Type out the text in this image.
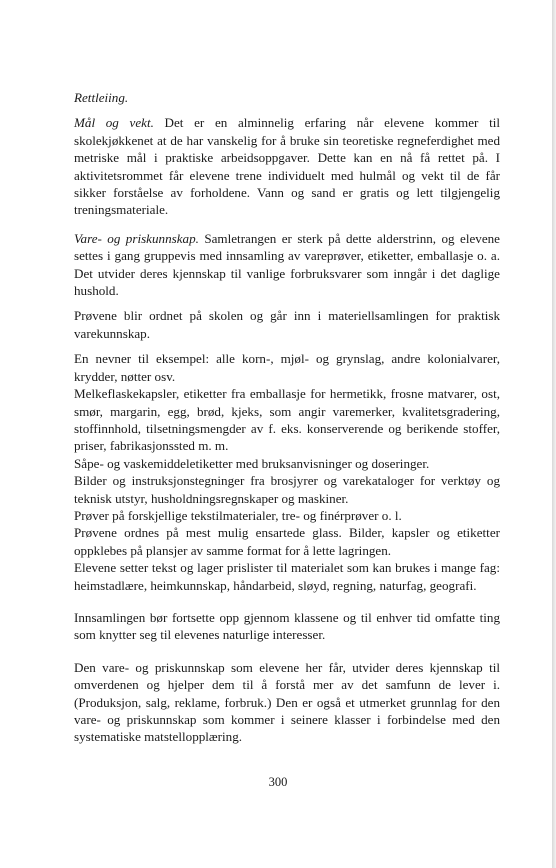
Rettleiing.

Mål og vekt. Det er en alminnelig erfaring når elevene kommer til skolekjøkkenet at de har vanskelig for å bruke sin teoretiske regneferdighet med metriske mål i praktiske arbeidsoppgaver. Dette kan en nå få rettet på. I aktivitetsrommet får elevene trene individuelt med hulmål og vekt til de får sikker forståelse av forholdene. Vann og sand er gratis og lett tilgjengelig treningsmateriale.

Vare- og priskunnskap. Samletrangen er sterk på dette alderstrinn, og elevene settes i gang gruppevis med innsamling av vareprøver, etiketter, emballasje o. a. Det utvider deres kjennskap til vanlige forbruksvarer som inngår i det daglige hushold.

Prøvene blir ordnet på skolen og går inn i materiellsamlingen for praktisk varekunnskap.

En nevner til eksempel: alle korn-, mjøl- og grynslag, andre kolonialvarer, krydder, nøtter osv.

Melkeflaskekapsler, etiketter fra emballasje for hermetikk, frosne matvarer, ost, smør, margarin, egg, brød, kjeks, som angir varemerker, kvalitetsgradering, stoffinnhold, tilsetningsmengder av f. eks. konserverende og berikende stoffer, priser, fabrikasjonssted m. m.

Såpe- og vaskemiddeletiketter med bruksanvisninger og doseringer.

Bilder og instruksjonstegninger fra brosjyrer og varekataloger for verktøy og teknisk utstyr, husholdningsregnskaper og maskiner.

Prøver på forskjellige tekstilmaterialer, tre- og finérprøver o. l.

Prøvene ordnes på mest mulig ensartede glass. Bilder, kapsler og etiketter oppklebes på plansjer av samme format for å lette lagringen.

Elevene setter tekst og lager prislister til materialet som kan brukes i mange fag: heimstadlære, heimkunnskap, håndarbeid, sløyd, regning, naturfag, geografi.

Innsamlingen bør fortsette opp gjennom klassene og til enhver tid omfatte ting som knytter seg til elevenes naturlige interesser.

Den vare- og priskunnskap som elevene her får, utvider deres kjennskap til omverdenen og hjelper dem til å forstå mer av det samfunn de lever i. (Produksjon, salg, reklame, forbruk.) Den er også et utmerket grunnlag for den vare- og priskunnskap som kommer i seinere klasser i forbindelse med den systematiske matstellopplæring.

300
